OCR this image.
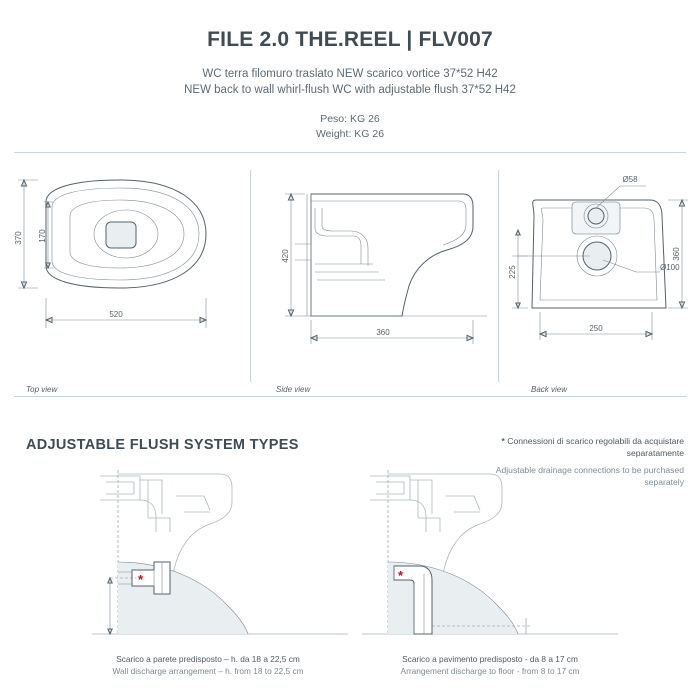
FILE 2.0 THE.REEL | FLV007
WC terra filomuro traslato NEW scarico vortice 37*52 H42
NEW back to wall whirl-flush WC with adjustable flush 37*52 H42
Peso: KG 26
Weight: KG 26
520
370 170
Top view
420
360
Side view
Ø58
Ø100
360
225
250
Back view
ADJUSTABLE FLUSH SYSTEM TYPES	* Connessioni di scarico regolabili da acquistare separatamente
Adjustable drainage connections to be purchased separately
*
Scarico a parete predisposto – h. da 18 a 22,5 cm
Wall discharge arrangement – h. from 18 to 22,5 cm
*
Scarico a pavimento predisposto - da 8 a 17 cm
Arrangement discharge to floor - from 8 to 17 cm
